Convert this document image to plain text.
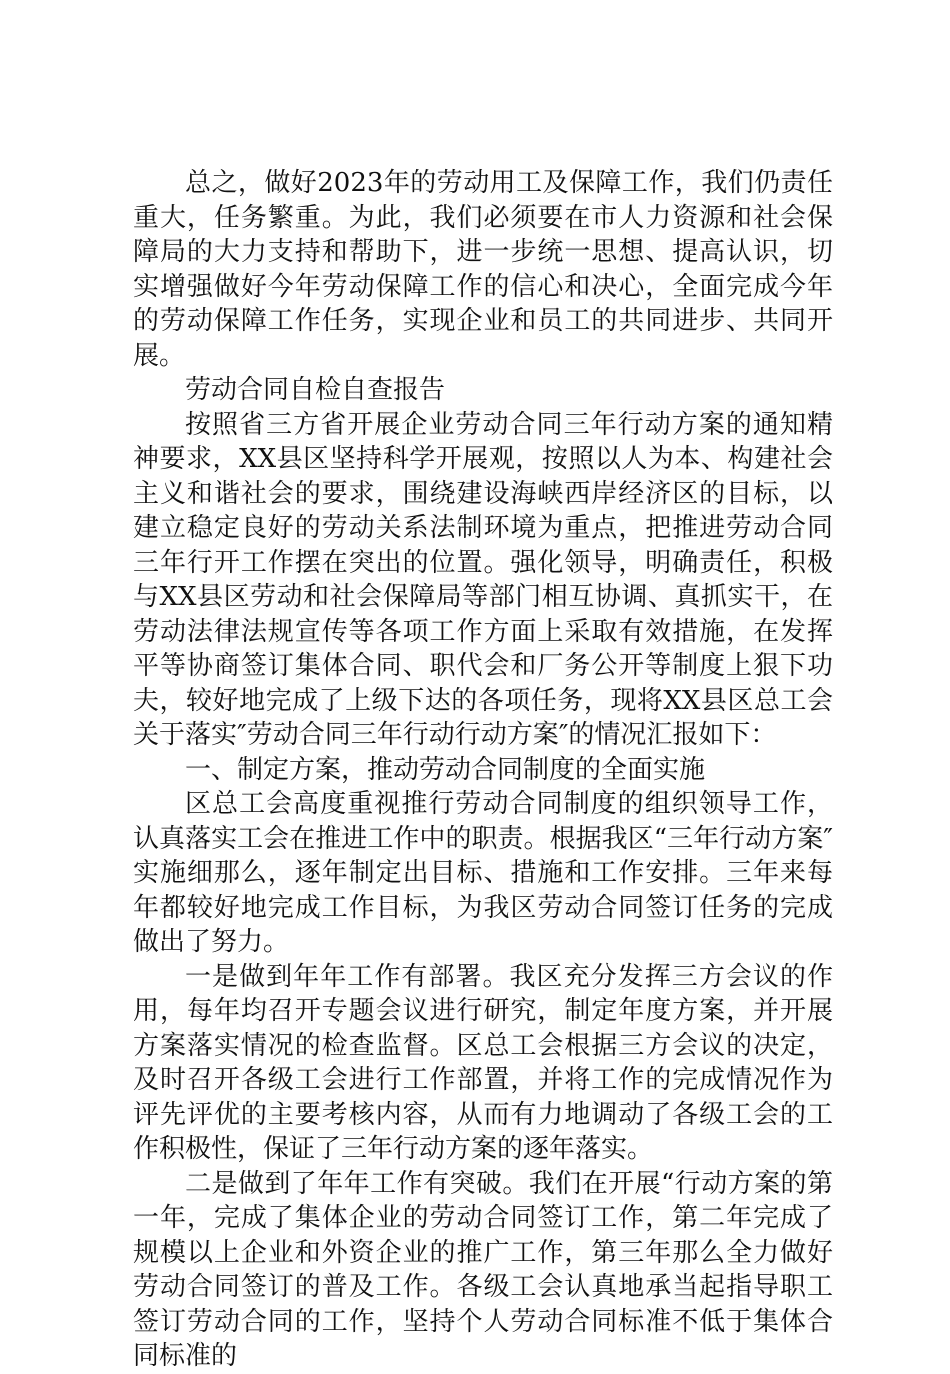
总之，做好2023年的劳动用工及保障工作，我们仍责任重大，任务繁重。为此，我们必须要在市人力资源和社会保障局的大力支持和帮助下，进一步统一思想、提高认识，切实增强做好今年劳动保障工作的信心和决心，全面完成今年的劳动保障工作任务，实现企业和员工的共同进步、共同开展。

劳动合同自检自查报告

按照省三方省开展企业劳动合同三年行动方案的通知精神要求，XX县区坚持科学开展观，按照以人为本、构建社会主义和谐社会的要求，围绕建设海峡西岸经济区的目标，以建立稳定良好的劳动关系法制环境为重点，把推进劳动合同三年行开工作摆在突出的位置。强化领导，明确责任，积极与XX县区劳动和社会保障局等部门相互协调、真抓实干，在劳动法律法规宣传等各项工作方面上采取有效措施，在发挥平等协商签订集体合同、职代会和厂务公开等制度上狠下功夫，较好地完成了上级下达的各项任务，现将XX县区总工会关于落实″劳动合同三年行动行动方案″的情况汇报如下：

一、制定方案，推动劳动合同制度的全面实施

区总工会高度重视推行劳动合同制度的组织领导工作，认真落实工会在推进工作中的职责。根据我区“三年行动方案″实施细那么，逐年制定出目标、措施和工作安排。三年来每年都较好地完成工作目标，为我区劳动合同签订任务的完成做出了努力。

一是做到年年工作有部署。我区充分发挥三方会议的作用，每年均召开专题会议进行研究，制定年度方案，并开展方案落实情况的检查监督。区总工会根据三方会议的决定，及时召开各级工会进行工作部置，并将工作的完成情况作为评先评优的主要考核内容，从而有力地调动了各级工会的工作积极性，保证了三年行动方案的逐年落实。

二是做到了年年工作有突破。我们在开展“行动方案的第一年，完成了集体企业的劳动合同签订工作，第二年完成了规模以上企业和外资企业的推广工作，第三年那么全力做好劳动合同签订的普及工作。各级工会认真地承当起指导职工签订劳动合同的工作，坚持个人劳动合同标准不低于集体合同标准的
